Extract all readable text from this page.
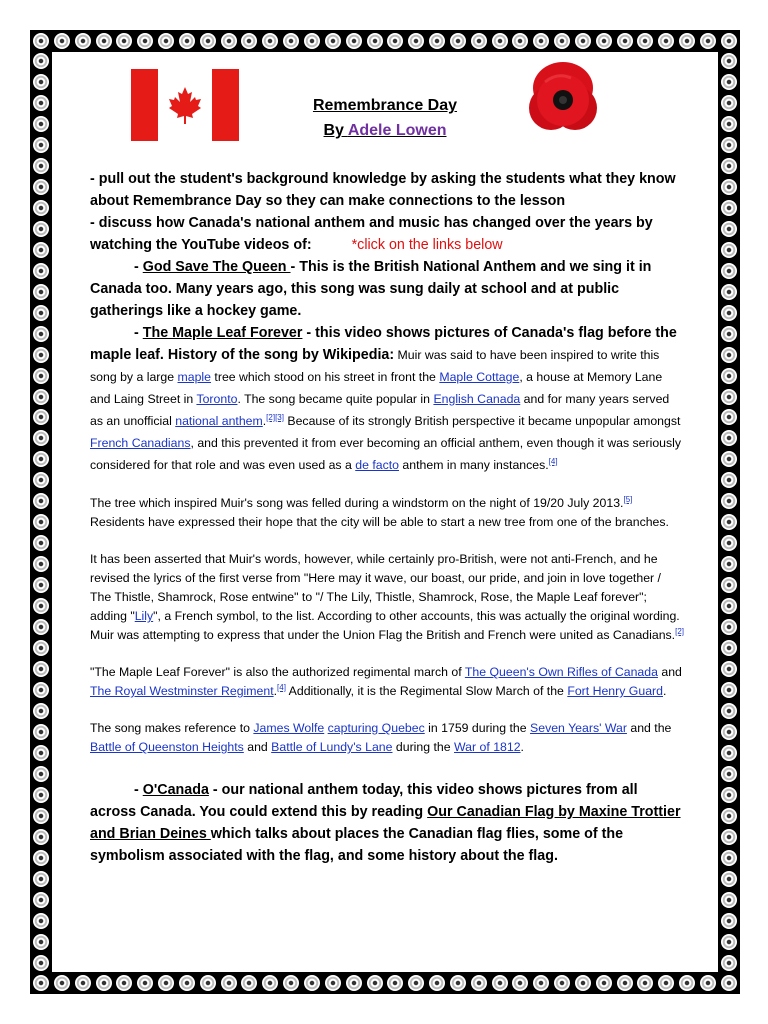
Remembrance Day
By Adele Lowen

- pull out the student's background knowledge by asking the students what they know about Remembrance Day so they can make connections to the lesson

- discuss how Canada's national anthem and music has changed over the years by watching the YouTube videos of:	*click on the links below

- God Save The Queen - This is the British National Anthem and we sing it in Canada too. Many years ago, this song was sung daily at school and at public gatherings like a hockey game.

- The Maple Leaf Forever - this video shows pictures of Canada's flag before the maple leaf. History of the song by Wikipedia: Muir was said to have been inspired to write this song by a large maple tree which stood on his street in front the Maple Cottage, a house at Memory Lane and Laing Street in Toronto. The song became quite popular in English Canada and for many years served as an unofficial national anthem.[2][3] Because of its strongly British perspective it became unpopular amongst French Canadians, and this prevented it from ever becoming an official anthem, even though it was seriously considered for that role and was even used as a de facto anthem in many instances.[4]

The tree which inspired Muir's song was felled during a windstorm on the night of 19/20 July 2013.[5] Residents have expressed their hope that the city will be able to start a new tree from one of the branches.

It has been asserted that Muir's words, however, while certainly pro-British, were not anti-French, and he revised the lyrics of the first verse from "Here may it wave, our boast, our pride, and join in love together / The Thistle, Shamrock, Rose entwine" to "/ The Lily, Thistle, Shamrock, Rose, the Maple Leaf forever"; adding "Lily", a French symbol, to the list. According to other accounts, this was actually the original wording. Muir was attempting to express that under the Union Flag the British and French were united as Canadians.[2]

"The Maple Leaf Forever" is also the authorized regimental march of The Queen's Own Rifles of Canada and The Royal Westminster Regiment.[4] Additionally, it is the Regimental Slow March of the Fort Henry Guard.

The song makes reference to James Wolfe capturing Quebec in 1759 during the Seven Years' War and the Battle of Queenston Heights and Battle of Lundy's Lane during the War of 1812.

- O'Canada - our national anthem today, this video shows pictures from all across Canada. You could extend this by reading Our Canadian Flag by Maxine Trottier and Brian Deines which talks about places the Canadian flag flies, some of the symbolism associated with the flag, and some history about the flag.
